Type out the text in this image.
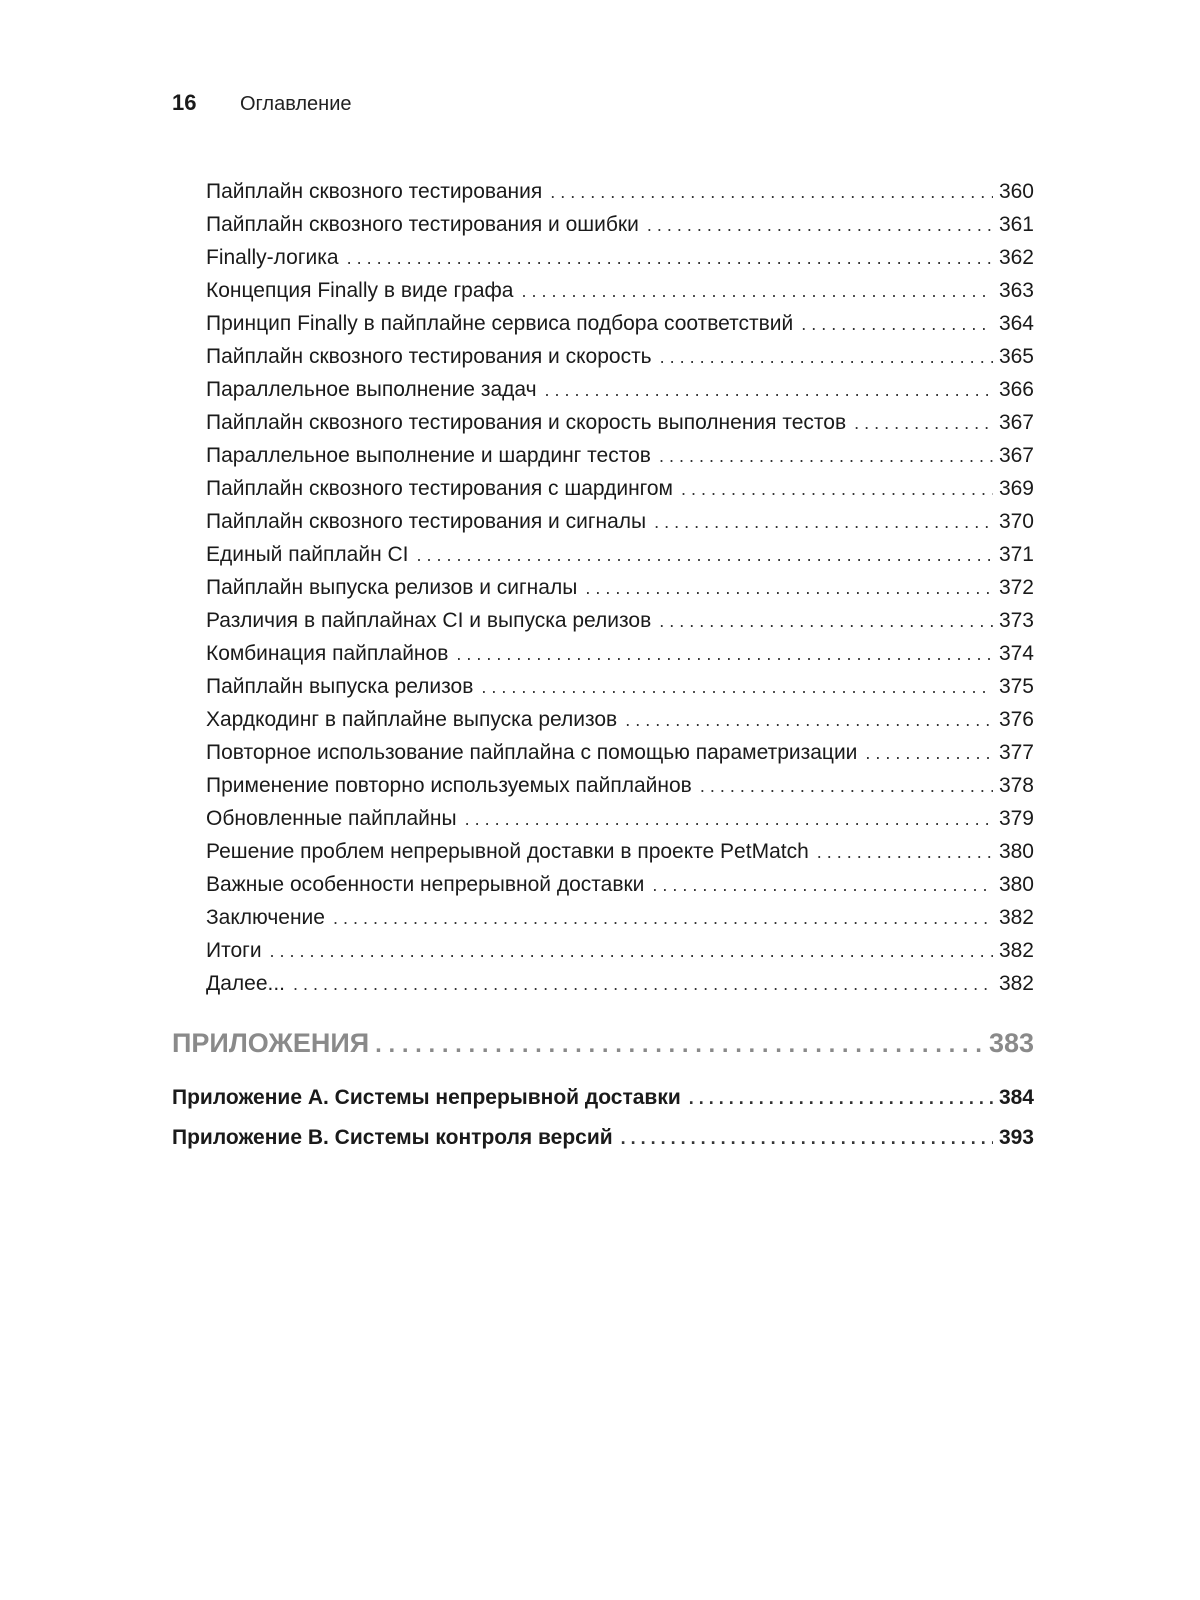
16	Оглавление
Пайплайн сквозного тестирования . . .	360
Пайплайн сквозного тестирования и ошибки . . .	361
Finally-логика . . .	362
Концепция Finally в виде графа . . .	363
Принцип Finally в пайплайне сервиса подбора соответствий . . .	364
Пайплайн сквозного тестирования и скорость . . .	365
Параллельное выполнение задач . . .	366
Пайплайн сквозного тестирования и скорость выполнения тестов . . .	367
Параллельное выполнение и шардинг тестов . . .	367
Пайплайн сквозного тестирования с шардингом . . .	369
Пайплайн сквозного тестирования и сигналы . . .	370
Единый пайплайн CI . . .	371
Пайплайн выпуска релизов и сигналы . . .	372
Различия в пайплайнах CI и выпуска релизов . . .	373
Комбинация пайплайнов . . .	374
Пайплайн выпуска релизов . . .	375
Хардкодинг в пайплайне выпуска релизов . . .	376
Повторное использование пайплайна с помощью параметризации . . .	377
Применение повторно используемых пайплайнов . . .	378
Обновленные пайплайны . . .	379
Решение проблем непрерывной доставки в проекте PetMatch . . .	380
Важные особенности непрерывной доставки . . .	380
Заключение . . .	382
Итоги . . .	382
Далее... . . .	382
ПРИЛОЖЕНИЯ . . .	383
Приложение А. Системы непрерывной доставки . . .	384
Приложение В. Системы контроля версий . . .	393
